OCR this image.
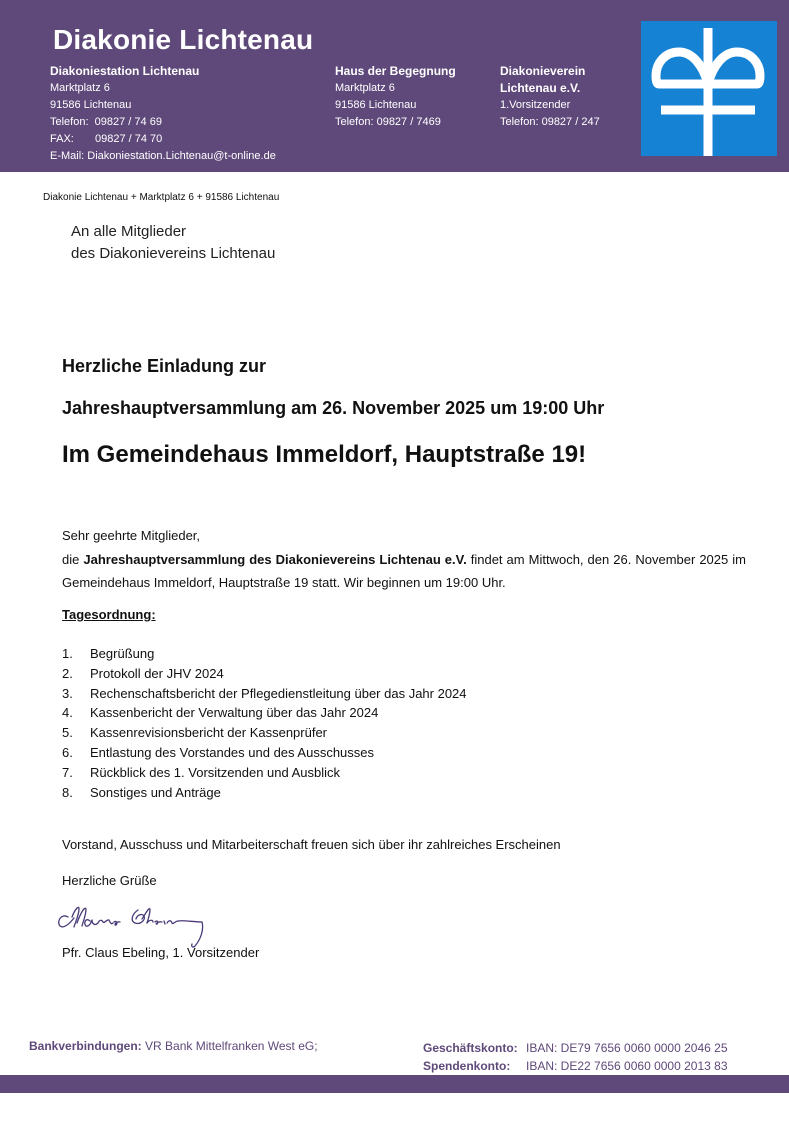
Diakonie Lichtenau
Diakoniestation Lichtenau
Marktplatz 6
91586 Lichtenau
Telefon: 09827 / 74 69
FAX: 09827 / 74 70
E-Mail: Diakoniestation.Lichtenau@t-online.de
Haus der Begegnung
Marktplatz 6
91586 Lichtenau
Telefon: 09827 / 7469
Diakonieverein
Lichtenau e.V.
1.Vorsitzender
Telefon: 09827 / 247
Diakonie Lichtenau + Marktplatz 6 + 91586 Lichtenau
An alle Mitglieder
des Diakonievereins Lichtenau
Herzliche Einladung zur
Jahreshauptversammlung am 26. November 2025 um 19:00 Uhr
Im Gemeindehaus Immeldorf, Hauptstraße 19!
Sehr geehrte Mitglieder,
die Jahreshauptversammlung des Diakonievereins Lichtenau e.V. findet am Mittwoch, den 26. November 2025 im Gemeindehaus Immeldorf, Hauptstraße 19 statt. Wir beginnen um 19:00 Uhr.
Tagesordnung:
1. Begrüßung
2. Protokoll der JHV 2024
3. Rechenschaftsbericht der Pflegedienstleitung über das Jahr 2024
4. Kassenbericht der Verwaltung über das Jahr 2024
5. Kassenrevisionsbericht der Kassenprüfer
6. Entlastung des Vorstandes und des Ausschusses
7. Rückblick des 1. Vorsitzenden und Ausblick
8. Sonstiges und Anträge
Vorstand, Ausschuss und Mitarbeiterschaft freuen sich über ihr zahlreiches Erscheinen
Herzliche Grüße
Pfr. Claus Ebeling, 1. Vorsitzender
Bankverbindungen: VR Bank Mittelfranken West eG;	Geschäftskonto: IBAN: DE79 7656 0060 0000 2046 25
Spendenkonto: IBAN: DE22 7656 0060 0000 2013 83
